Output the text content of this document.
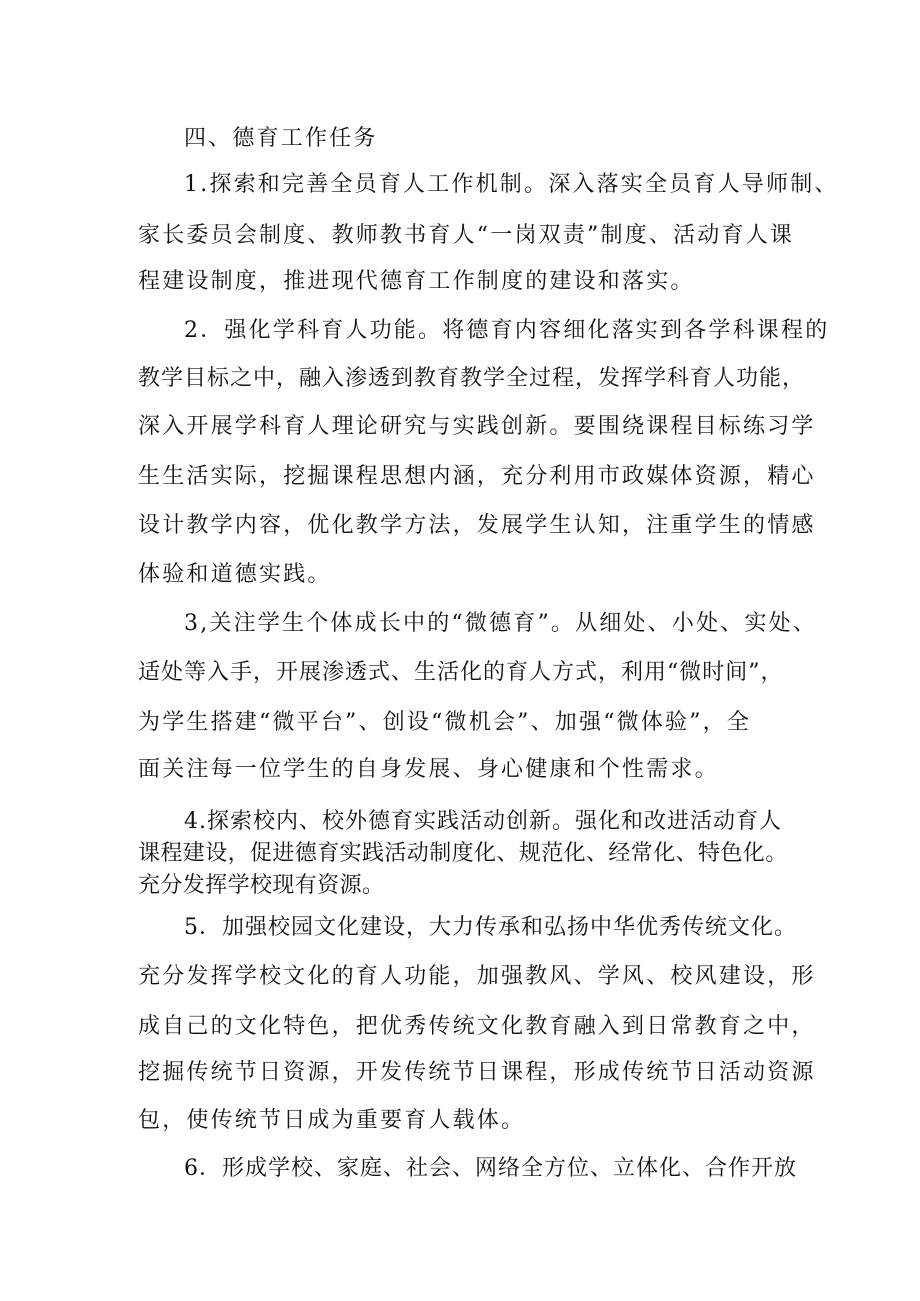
四、德育工作任务

1.探索和完善全员育人工作机制。深入落实全员育人导师制、

家长委员会制度、教师教书育人“一岗双责”制度、活动育人课

程建设制度，推进现代德育工作制度的建设和落实。

2．强化学科育人功能。将德育内容细化落实到各学科课程的

教学目标之中，融入渗透到教育教学全过程，发挥学科育人功能，

深入开展学科育人理论研究与实践创新。要围绕课程目标练习学

生生活实际，挖掘课程思想内涵，充分利用市政媒体资源，精心

设计教学内容，优化教学方法，发展学生认知，注重学生的情感

体验和道德实践。

3,关注学生个体成长中的“微德育”。从细处、小处、实处、

适处等入手，开展渗透式、生活化的育人方式，利用“微时间”，

为学生搭建“微平台”、创设“微机会”、加强“微体验”，全

面关注每一位学生的自身发展、身心健康和个性需求。

4.探索校内、校外德育实践活动创新。强化和改进活动育人

课程建设，促进德育实践活动制度化、规范化、经常化、特色化。

充分发挥学校现有资源。

5．加强校园文化建设，大力传承和弘扬中华优秀传统文化。

充分发挥学校文化的育人功能，加强教风、学风、校风建设，形

成自己的文化特色，把优秀传统文化教育融入到日常教育之中，

挖掘传统节日资源，开发传统节日课程，形成传统节日活动资源

包，使传统节日成为重要育人载体。

6．形成学校、家庭、社会、网络全方位、立体化、合作开放
